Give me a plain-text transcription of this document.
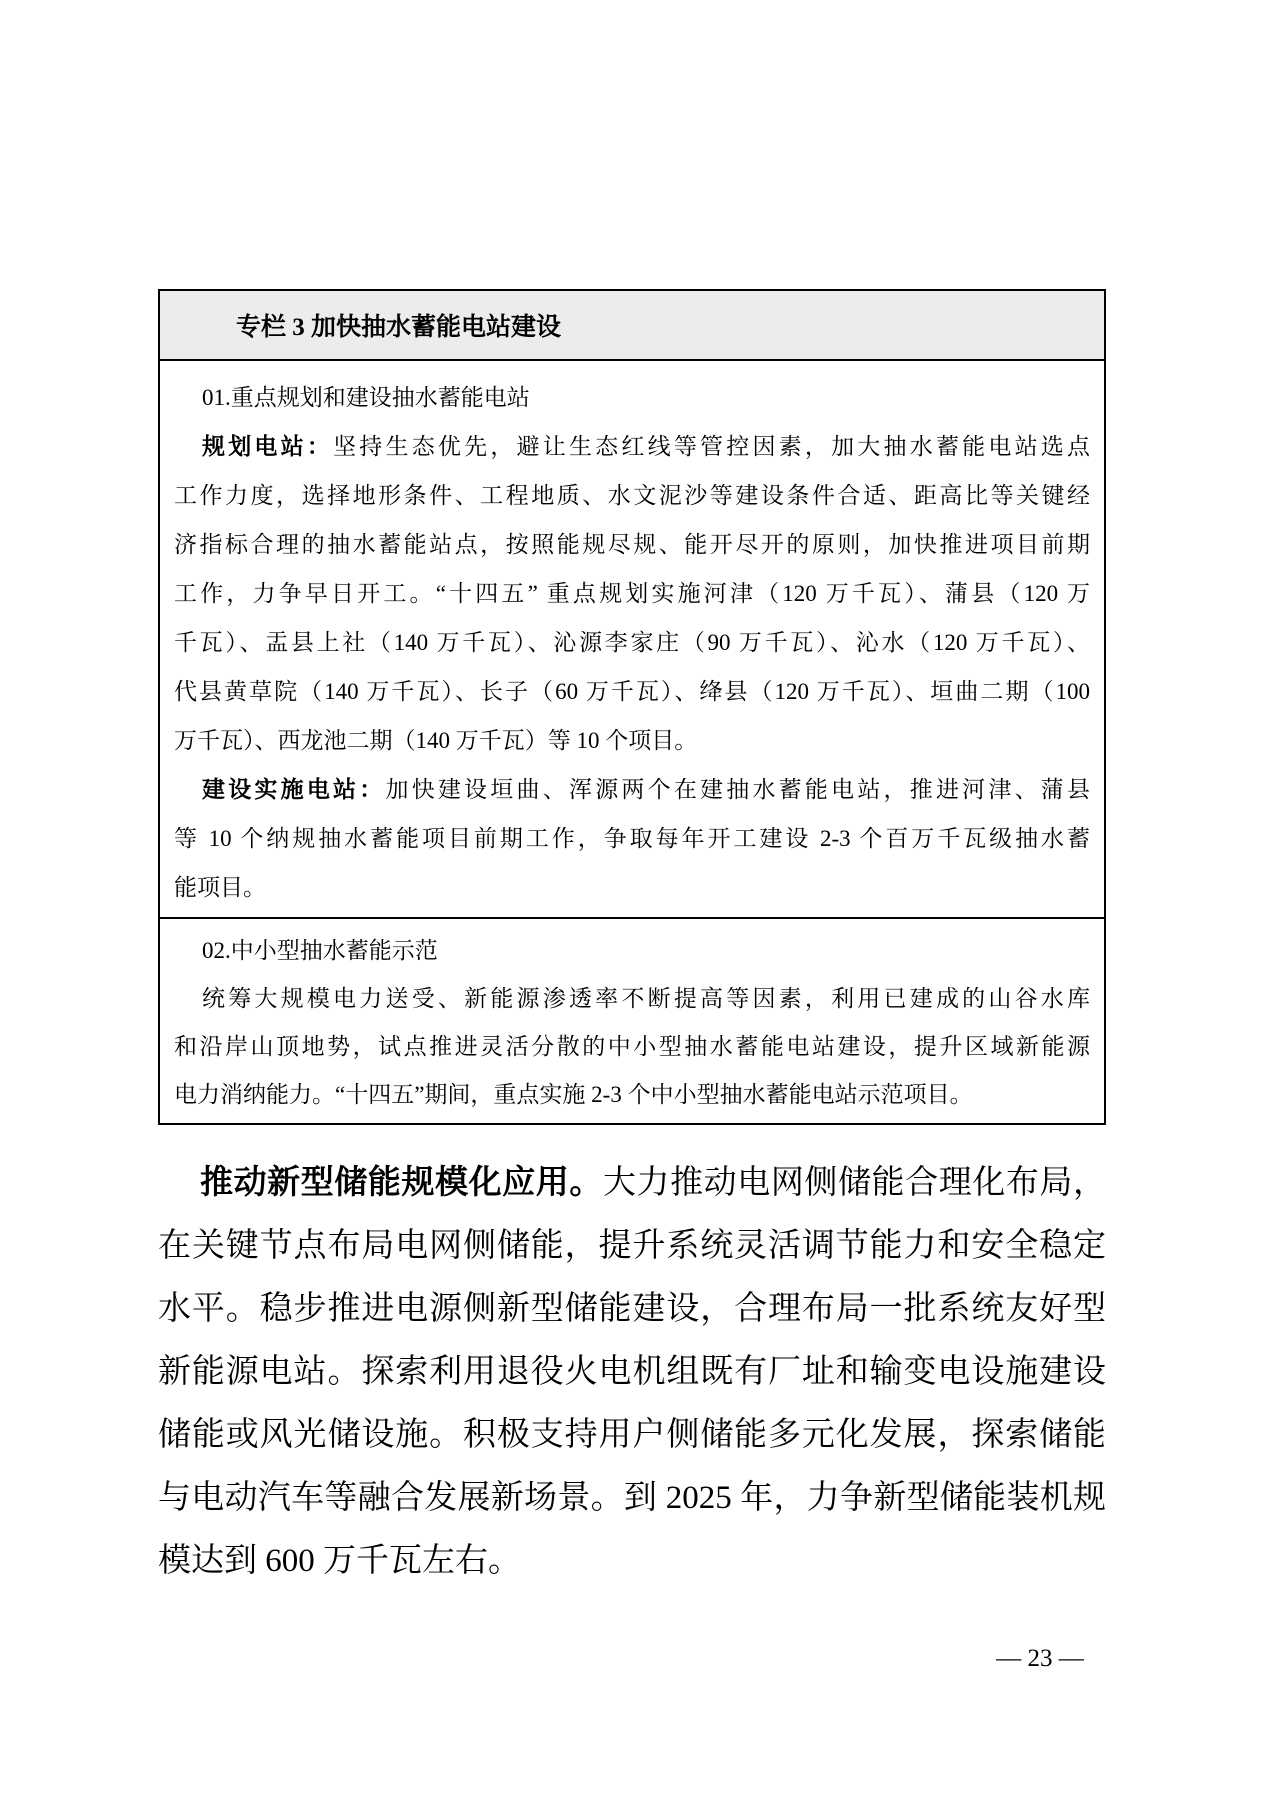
专栏 3 加快抽水蓄能电站建设
01.重点规划和建设抽水蓄能电站
规划电站：坚持生态优先，避让生态红线等管控因素，加大抽水蓄能电站选点
工作力度，选择地形条件、工程地质、水文泥沙等建设条件合适、距高比等关键经
济指标合理的抽水蓄能站点，按照能规尽规、能开尽开的原则，加快推进项目前期
工作，力争早日开工。“十四五” 重点规划实施河津（120 万千瓦）、蒲县（120 万
千瓦）、盂县上社（140 万千瓦）、沁源李家庄（90 万千瓦）、沁水（120 万千瓦）、
代县黄草院（140 万千瓦）、长子（60 万千瓦）、绛县（120 万千瓦）、垣曲二期（100
万千瓦）、西龙池二期（140 万千瓦）等 10 个项目。
建设实施电站：加快建设垣曲、浑源两个在建抽水蓄能电站，推进河津、蒲县
等 10 个纳规抽水蓄能项目前期工作，争取每年开工建设 2-3 个百万千瓦级抽水蓄
能项目。
02.中小型抽水蓄能示范
统筹大规模电力送受、新能源渗透率不断提高等因素，利用已建成的山谷水库
和沿岸山顶地势，试点推进灵活分散的中小型抽水蓄能电站建设，提升区域新能源
电力消纳能力。“十四五”期间，重点实施 2-3 个中小型抽水蓄能电站示范项目。
推动新型储能规模化应用。大力推动电网侧储能合理化布局，
在关键节点布局电网侧储能，提升系统灵活调节能力和安全稳定
水平。稳步推进电源侧新型储能建设，合理布局一批系统友好型
新能源电站。探索利用退役火电机组既有厂址和输变电设施建设
储能或风光储设施。积极支持用户侧储能多元化发展，探索储能
与电动汽车等融合发展新场景。到 2025 年，力争新型储能装机规
模达到 600 万千瓦左右。
— 23 —
